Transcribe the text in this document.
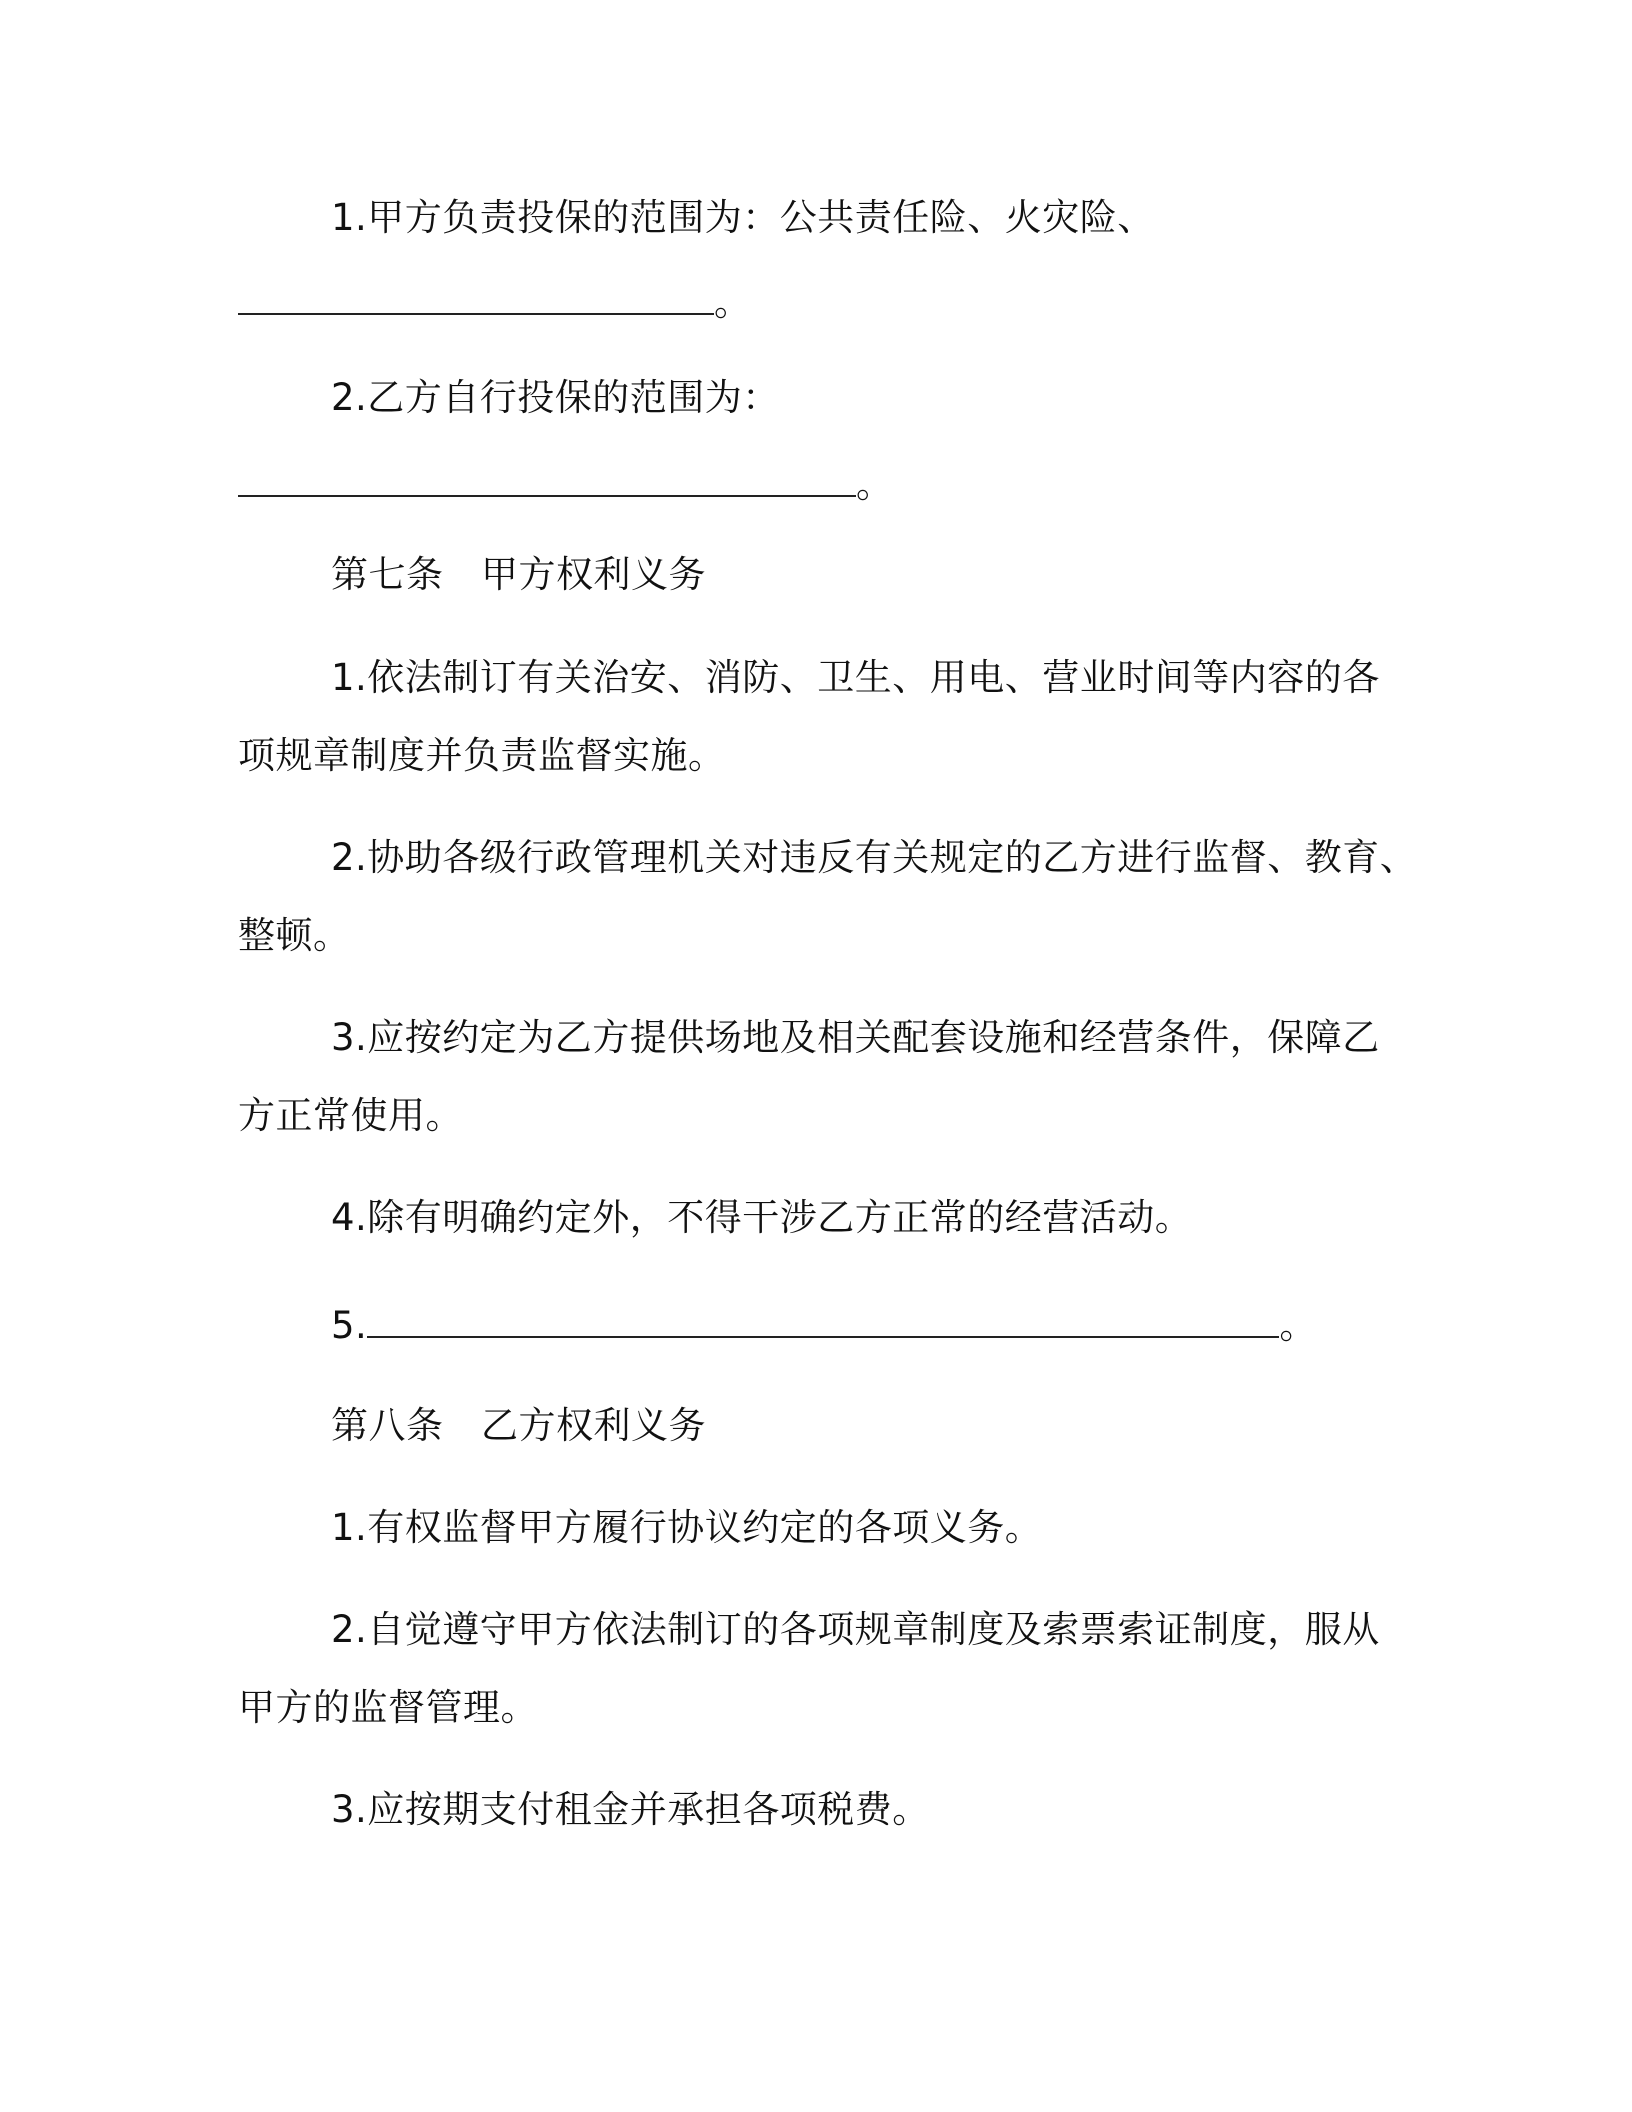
1.甲方负责投保的范围为：公共责任险、火灾险、
。
2.乙方自行投保的范围为：
。
第七条　甲方权利义务
1.依法制订有关治安、消防、卫生、用电、营业时间等内容的各
项规章制度并负责监督实施。
2.协助各级行政管理机关对违反有关规定的乙方进行监督、教育、
整顿。
3.应按约定为乙方提供场地及相关配套设施和经营条件，保障乙
方正常使用。
4.除有明确约定外，不得干涉乙方正常的经营活动。
5.	。
第八条　乙方权利义务
1.有权监督甲方履行协议约定的各项义务。
2.自觉遵守甲方依法制订的各项规章制度及索票索证制度，服从
甲方的监督管理。
3.应按期支付租金并承担各项税费。
